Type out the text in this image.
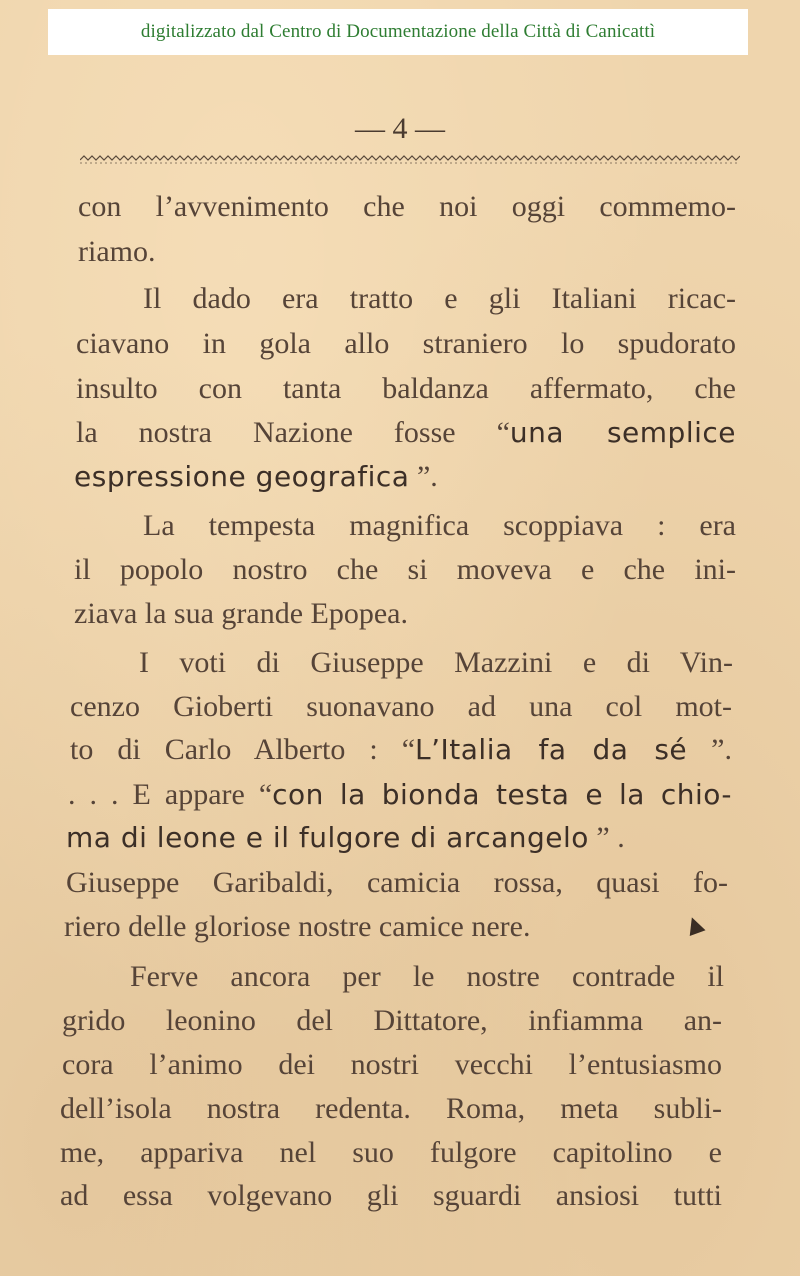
digitalizzato dal Centro di Documentazione della Città di Canicattì
— 4 —
con l’avvenimento che noi oggi commemo-
riamo.
Il dado era tratto e gli Italiani ricac-
ciavano in gola allo straniero lo spudorato
insulto con tanta baldanza affermato, che
la nostra Nazione fosse “una semplice
espressione geografica ”.
La tempesta magnifica scoppiava : era
il popolo nostro che si moveva e che ini-
ziava la sua grande Epopea.
I voti di Giuseppe Mazzini e di Vin-
cenzo Gioberti suonavano ad una col mot-
to di Carlo Alberto : “L’Italia fa da sé ”.
. . . E appare “con la bionda testa e la chio-
ma di leone e il fulgore di arcangelo ” .
Giuseppe Garibaldi, camicia rossa, quasi fo-
riero delle gloriose nostre camice nere.
Ferve ancora per le nostre contrade il
grido leonino del Dittatore, infiamma an-
cora l’animo dei nostri vecchi l’entusiasmo
dell’isola nostra redenta. Roma, meta subli-
me, appariva nel suo fulgore capitolino e
ad essa volgevano gli sguardi ansiosi tutti
▲
